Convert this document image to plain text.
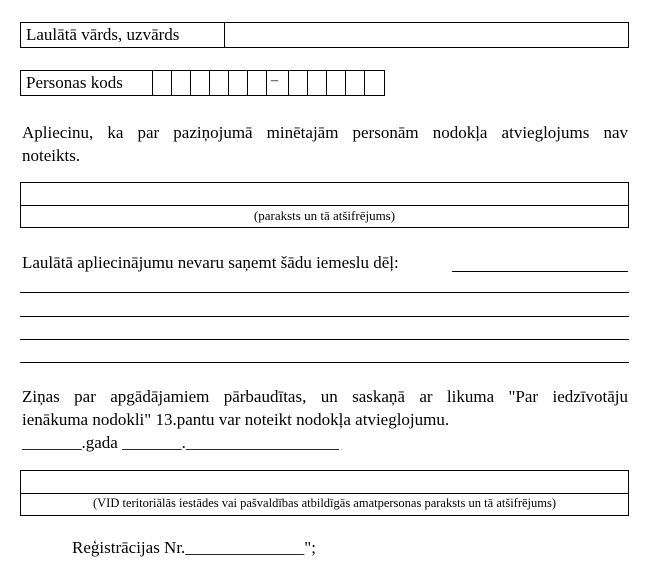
Laulātā vārds, uzvārds
Personas kods	–
Apliecinu, ka par paziņojumā minētajām personām nodokļa atvieglojums nav
noteikts.
(paraksts un tā atšifrējums)
Laulātā apliecinājumu nevaru saņemt šādu iemeslu dēļ:
Ziņas par apgādājamiem pārbaudītas, un saskaņā ar likuma "Par iedzīvotāju
ienākuma nodokli" 13.pantu var noteikt nodokļa atvieglojumu.
_______.gada _______.__________________
(VID teritoriālās iestādes vai pašvaldības atbildīgās amatpersonas paraksts un tā atšifrējums)
Reģistrācijas Nr.______________";
